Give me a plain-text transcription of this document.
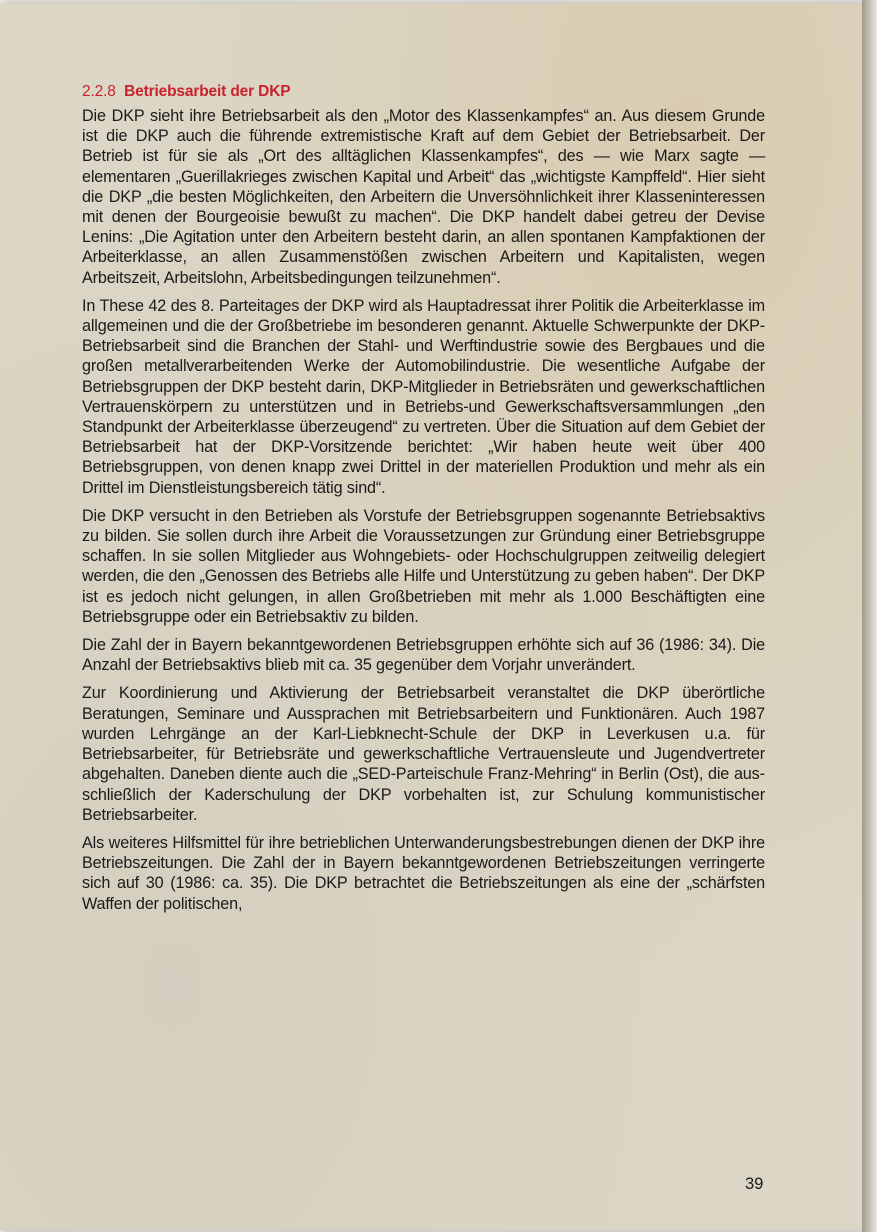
2.2.8 Betriebsarbeit der DKP

Die DKP sieht ihre Betriebsarbeit als den „Motor des Klassenkampfes“ an. Aus diesem Grunde ist die DKP auch die führende extremistische Kraft auf dem Gebiet der Betriebsarbeit. Der Betrieb ist für sie als „Ort des alltäglichen Klassenkampfes“, des — wie Marx sagte — elementaren „Guerillakrieges zwischen Kapital und Arbeit“ das „wichtigste Kampffeld“. Hier sieht die DKP „die besten Möglichkeiten, den Arbeitern die Unversöhnlichkeit ihrer Klasseninteressen mit denen der Bourgeoisie bewußt zu machen“. Die DKP handelt dabei getreu der Devise Lenins: „Die Agitation unter den Arbeitern besteht darin, an allen spontanen Kampfaktionen der Arbeiterklasse, an allen Zusammenstößen zwischen Arbeitern und Kapitalisten, wegen Arbeitszeit, Arbeitslohn, Arbeitsbedingungen teilzunehmen“.

In These 42 des 8. Parteitages der DKP wird als Hauptadressat ihrer Politik die Arbeiterklasse im allgemeinen und die der Großbetriebe im besonderen genannt. Aktuelle Schwerpunkte der DKP-Betriebsarbeit sind die Branchen der Stahl- und Werftindustrie sowie des Bergbaues und die großen metallverarbeitenden Werke der Automobilindustrie. Die wesentliche Aufgabe der Betriebsgruppen der DKP besteht darin, DKP-Mitglieder in Betriebsräten und gewerkschaftlichen Vertrauenskörpern zu unterstützen und in Betriebs-und Gewerkschaftsversammlungen „den Standpunkt der Arbeiterklasse überzeugend“ zu vertreten. Über die Situation auf dem Gebiet der Betriebsarbeit hat der DKP-Vorsitzende berichtet: „Wir haben heute weit über 400 Betriebsgruppen, von denen knapp zwei Drittel in der materiellen Produktion und mehr als ein Drittel im Dienstleistungsbereich tätig sind“.

Die DKP versucht in den Betrieben als Vorstufe der Betriebsgruppen sogenannte Betriebsaktivs zu bilden. Sie sollen durch ihre Arbeit die Voraussetzungen zur Gründung einer Betriebsgruppe schaffen. In sie sollen Mitglieder aus Wohngebiets- oder Hochschulgruppen zeitweilig delegiert werden, die den „Genossen des Betriebs alle Hilfe und Unterstützung zu geben haben“. Der DKP ist es jedoch nicht gelungen, in allen Großbetrieben mit mehr als 1.000 Beschäftigten eine Betriebsgruppe oder ein Betriebsaktiv zu bilden.

Die Zahl der in Bayern bekanntgewordenen Betriebsgruppen erhöhte sich auf 36 (1986: 34). Die Anzahl der Betriebsaktivs blieb mit ca. 35 gegenüber dem Vorjahr unverändert.

Zur Koordinierung und Aktivierung der Betriebsarbeit veranstaltet die DKP überörtliche Beratungen, Seminare und Aussprachen mit Betriebsarbeitern und Funktionären. Auch 1987 wurden Lehrgänge an der Karl-Liebknecht-Schule der DKP in Leverkusen u.a. für Betriebsarbeiter, für Betriebsräte und gewerkschaftliche Vertrauensleute und Jugendvertreter abgehalten. Daneben diente auch die „SED-Parteischule Franz-Mehring“ in Berlin (Ost), die ausschließlich der Kaderschulung der DKP vorbehalten ist, zur Schulung kommunistischer Betriebsarbeiter.

Als weiteres Hilfsmittel für ihre betrieblichen Unterwanderungsbestrebungen dienen der DKP ihre Betriebszeitungen. Die Zahl der in Bayern bekanntgewordenen Betriebszeitungen verringerte sich auf 30 (1986: ca. 35). Die DKP betrachtet die Betriebszeitungen als eine der „schärfsten Waffen der politischen,

39
